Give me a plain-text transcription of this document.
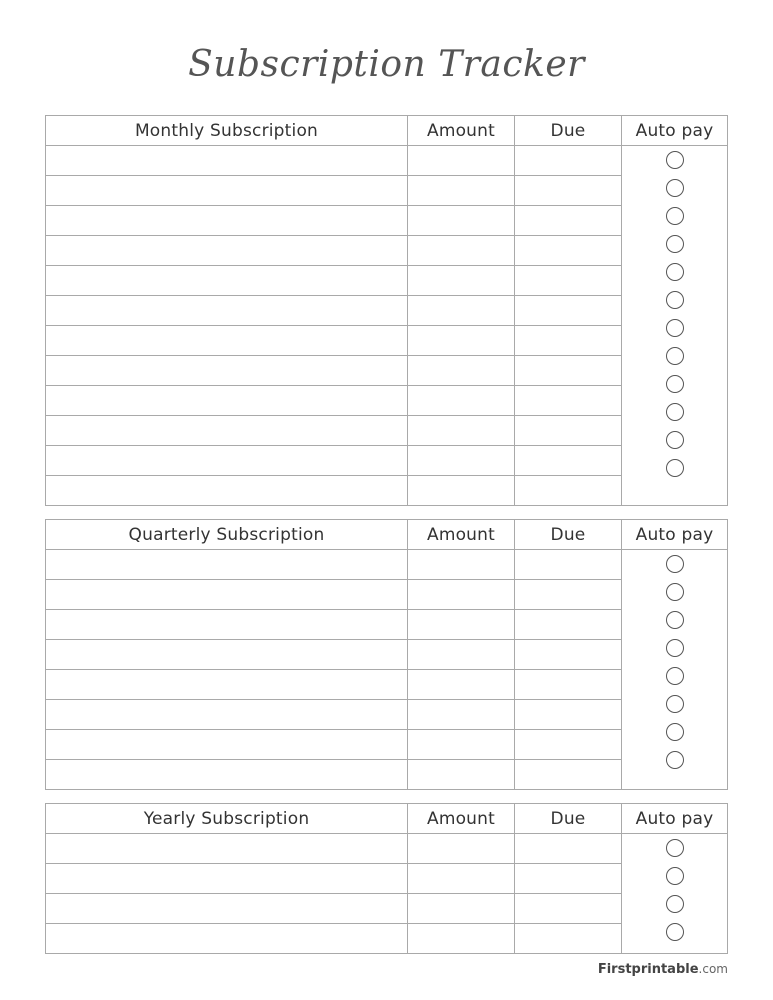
Subscription Tracker
Monthly Subscription	Amount	Due	Auto pay

Quarterly Subscription	Amount	Due	Auto pay

Yearly Subscription	Amount	Due	Auto pay

Firstprintable.com
